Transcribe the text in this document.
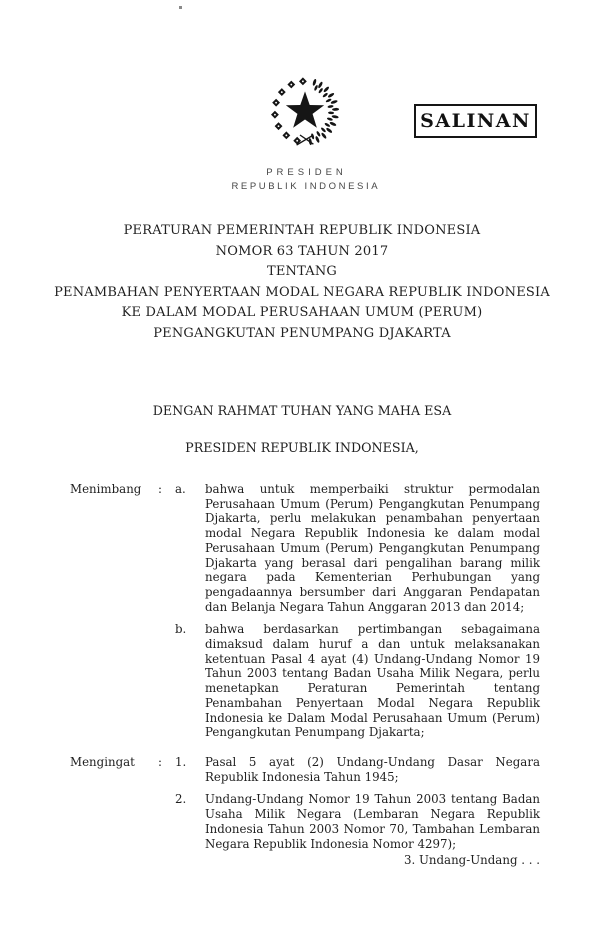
PRESIDEN
REPUBLIK INDONESIA
SALINAN
PERATURAN PEMERINTAH REPUBLIK INDONESIA
NOMOR 63 TAHUN 2017
TENTANG
PENAMBAHAN PENYERTAAN MODAL NEGARA REPUBLIK INDONESIA
KE DALAM MODAL PERUSAHAAN UMUM (PERUM)
PENGANGKUTAN PENUMPANG DJAKARTA
DENGAN RAHMAT TUHAN YANG MAHA ESA
PRESIDEN REPUBLIK INDONESIA,
Menimbang	:	a.	bahwa untuk memperbaiki struktur permodalan Perusahaan Umum (Perum) Pengangkutan Penumpang Djakarta, perlu melakukan penambahan penyertaan modal Negara Republik Indonesia ke dalam modal Perusahaan Umum (Perum) Pengangkutan Penumpang Djakarta yang berasal dari pengalihan barang milik negara pada Kementerian Perhubungan yang pengadaannya bersumber dari Anggaran Pendapatan dan Belanja Negara Tahun Anggaran 2013 dan 2014;
b.	bahwa berdasarkan pertimbangan sebagaimana dimaksud dalam huruf a dan untuk melaksanakan ketentuan Pasal 4 ayat (4) Undang-Undang Nomor 19 Tahun 2003 tentang Badan Usaha Milik Negara, perlu menetapkan Peraturan Pemerintah tentang Penambahan Penyertaan Modal Negara Republik Indonesia ke Dalam Modal Perusahaan Umum (Perum) Pengangkutan Penumpang Djakarta;
Mengingat	:	1.	Pasal 5 ayat (2) Undang-Undang Dasar Negara Republik Indonesia Tahun 1945;
2.	Undang-Undang Nomor 19 Tahun 2003 tentang Badan Usaha Milik Negara (Lembaran Negara Republik Indonesia Tahun 2003 Nomor 70, Tambahan Lembaran Negara Republik Indonesia Nomor 4297);
3. Undang-Undang . . .
